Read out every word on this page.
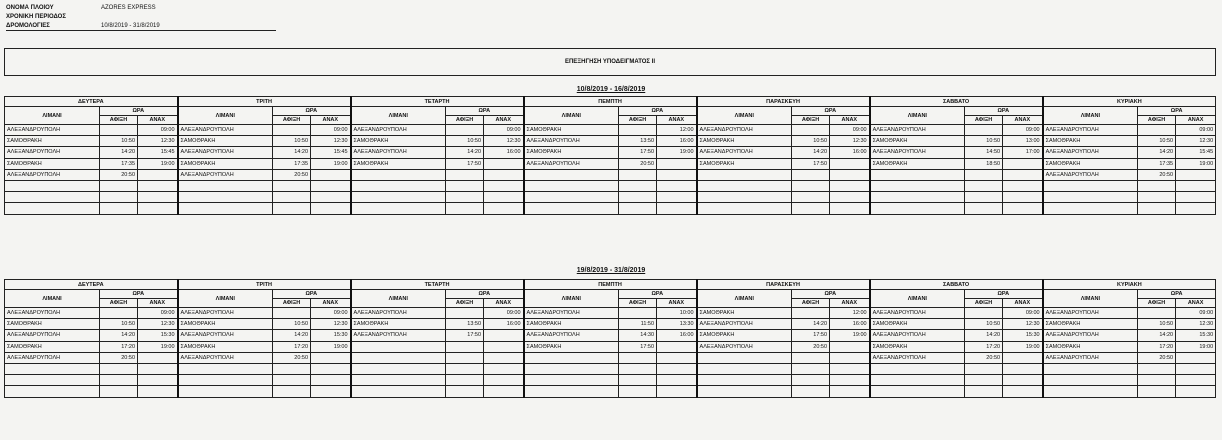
ΟΝΟΜΑ ΠΛΟΙΟΥ	AZORES EXPRESS
ΧΡΟΝΙΚΗ ΠΕΡΙΟΔΟΣ
ΔΡΟΜΟΛΟΓΙΕΣ	10/8/2019 - 31/8/2019
ΕΠΕΞΗΓΗΣΗ ΥΠΟΔΕΙΓΜΑΤΟΣ ΙΙ
10/8/2019 - 16/8/2019
ΔΕΥΤΕΡΑ			ΤΡΙΤΗ			ΤΕΤΑΡΤΗ			ΠΕΜΠΤΗ			ΠΑΡΑΣΚΕΥΗ			ΣΑΒΒΑΤΟ			ΚΥΡΙΑΚΗ		
ΛΙΜΑΝΙ	ΩΡΑ		ΛΙΜΑΝΙ	ΩΡΑ		ΛΙΜΑΝΙ	ΩΡΑ		ΛΙΜΑΝΙ	ΩΡΑ		ΛΙΜΑΝΙ	ΩΡΑ		ΛΙΜΑΝΙ	ΩΡΑ		ΛΙΜΑΝΙ	ΩΡΑ	
	ΑΦΙΞΗ	ΑΝΑΧ		ΑΦΙΞΗ	ΑΝΑΧ		ΑΦΙΞΗ	ΑΝΑΧ		ΑΦΙΞΗ	ΑΝΑΧ		ΑΦΙΞΗ	ΑΝΑΧ		ΑΦΙΞΗ	ΑΝΑΧ		ΑΦΙΞΗ	ΑΝΑΧ
ΑΛΕΞΑΝΔΡΟΥΠΟΛΗ		09:00	ΑΛΕΞΑΝΔΡΟΥΠΟΛΗ		09:00	ΑΛΕΞΑΝΔΡΟΥΠΟΛΗ		09:00	ΣΑΜΟΘΡΑΚΗ		12:00	ΑΛΕΞΑΝΔΡΟΥΠΟΛΗ		09:00	ΑΛΕΞΑΝΔΡΟΥΠΟΛΗ		09:00	ΑΛΕΞΑΝΔΡΟΥΠΟΛΗ		09:00
ΣΑΜΟΘΡΑΚΗ	10:50	12:30	ΣΑΜΟΘΡΑΚΗ	10:50	12:30	ΣΑΜΟΘΡΑΚΗ	10:50	12:30	ΑΛΕΞΑΝΔΡΟΥΠΟΛΗ	13:50	16:00	ΣΑΜΟΘΡΑΚΗ	10:50	12:30	ΣΑΜΟΘΡΑΚΗ	10:50	13:00	ΣΑΜΟΘΡΑΚΗ	10:50	12:30
ΑΛΕΞΑΝΔΡΟΥΠΟΛΗ	14:20	15:45	ΑΛΕΞΑΝΔΡΟΥΠΟΛΗ	14:20	15:45	ΑΛΕΞΑΝΔΡΟΥΠΟΛΗ	14:20	16:00	ΣΑΜΟΘΡΑΚΗ	17:50	19:00	ΑΛΕΞΑΝΔΡΟΥΠΟΛΗ	14:20	16:00	ΑΛΕΞΑΝΔΡΟΥΠΟΛΗ	14:50	17:00	ΑΛΕΞΑΝΔΡΟΥΠΟΛΗ	14:20	15:45
ΣΑΜΟΘΡΑΚΗ	17:35	19:00	ΣΑΜΟΘΡΑΚΗ	17:35	19:00	ΣΑΜΟΘΡΑΚΗ	17:50		ΑΛΕΞΑΝΔΡΟΥΠΟΛΗ	20:50		ΣΑΜΟΘΡΑΚΗ	17:50		ΣΑΜΟΘΡΑΚΗ	18:50		ΣΑΜΟΘΡΑΚΗ	17:35	19:00
ΑΛΕΞΑΝΔΡΟΥΠΟΛΗ	20:50		ΑΛΕΞΑΝΔΡΟΥΠΟΛΗ	20:50														ΑΛΕΞΑΝΔΡΟΥΠΟΛΗ	20:50	

19/8/2019 - 31/8/2019
ΔΕΥΤΕΡΑ			ΤΡΙΤΗ			ΤΕΤΑΡΤΗ			ΠΕΜΠΤΗ			ΠΑΡΑΣΚΕΥΗ			ΣΑΒΒΑΤΟ			ΚΥΡΙΑΚΗ		
ΛΙΜΑΝΙ	ΩΡΑ		ΛΙΜΑΝΙ	ΩΡΑ		ΛΙΜΑΝΙ	ΩΡΑ		ΛΙΜΑΝΙ	ΩΡΑ		ΛΙΜΑΝΙ	ΩΡΑ		ΛΙΜΑΝΙ	ΩΡΑ		ΛΙΜΑΝΙ	ΩΡΑ	
	ΑΦΙΞΗ	ΑΝΑΧ		ΑΦΙΞΗ	ΑΝΑΧ		ΑΦΙΞΗ	ΑΝΑΧ		ΑΦΙΞΗ	ΑΝΑΧ		ΑΦΙΞΗ	ΑΝΑΧ		ΑΦΙΞΗ	ΑΝΑΧ		ΑΦΙΞΗ	ΑΝΑΧ
ΑΛΕΞΑΝΔΡΟΥΠΟΛΗ		09:00	ΑΛΕΞΑΝΔΡΟΥΠΟΛΗ		09:00	ΑΛΕΞΑΝΔΡΟΥΠΟΛΗ		09:00	ΑΛΕΞΑΝΔΡΟΥΠΟΛΗ		10:00	ΣΑΜΟΘΡΑΚΗ		12:00	ΑΛΕΞΑΝΔΡΟΥΠΟΛΗ		09:00	ΑΛΕΞΑΝΔΡΟΥΠΟΛΗ		09:00
ΣΑΜΟΘΡΑΚΗ	10:50	12:30	ΣΑΜΟΘΡΑΚΗ	10:50	12:30	ΣΑΜΟΘΡΑΚΗ	13:50	16:00	ΣΑΜΟΘΡΑΚΗ	11:50	13:30	ΑΛΕΞΑΝΔΡΟΥΠΟΛΗ	14:20	16:00	ΣΑΜΟΘΡΑΚΗ	10:50	12:30	ΣΑΜΟΘΡΑΚΗ	10:50	12:30
ΑΛΕΞΑΝΔΡΟΥΠΟΛΗ	14:20	15:30	ΑΛΕΞΑΝΔΡΟΥΠΟΛΗ	14:20	15:30	ΑΛΕΞΑΝΔΡΟΥΠΟΛΗ	17:50		ΑΛΕΞΑΝΔΡΟΥΠΟΛΗ	14:30	16:00	ΣΑΜΟΘΡΑΚΗ	17:50	19:00	ΑΛΕΞΑΝΔΡΟΥΠΟΛΗ	14:20	15:30	ΑΛΕΞΑΝΔΡΟΥΠΟΛΗ	14:20	15:30
ΣΑΜΟΘΡΑΚΗ	17:20	19:00	ΣΑΜΟΘΡΑΚΗ	17:20	19:00				ΣΑΜΟΘΡΑΚΗ	17:50		ΑΛΕΞΑΝΔΡΟΥΠΟΛΗ	20:50		ΣΑΜΟΘΡΑΚΗ	17:20	19:00	ΣΑΜΟΘΡΑΚΗ	17:20	19:00
ΑΛΕΞΑΝΔΡΟΥΠΟΛΗ	20:50		ΑΛΕΞΑΝΔΡΟΥΠΟΛΗ	20:50											ΑΛΕΞΑΝΔΡΟΥΠΟΛΗ	20:50		ΑΛΕΞΑΝΔΡΟΥΠΟΛΗ	20:50	
